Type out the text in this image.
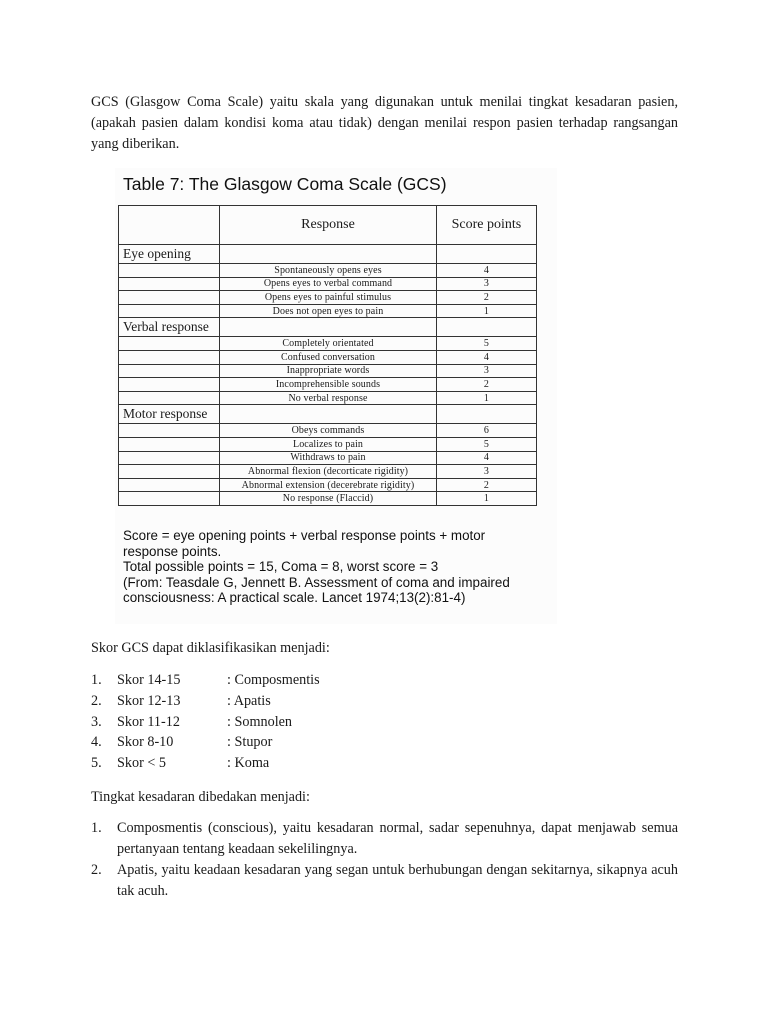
GCS (Glasgow Coma Scale) yaitu skala yang digunakan untuk menilai tingkat kesadaran pasien, (apakah pasien dalam kondisi koma atau tidak) dengan menilai respon pasien terhadap rangsangan yang diberikan.

Table 7: The Glasgow Coma Scale (GCS)
	Response	Score points
Eye opening		
	Spontaneously opens eyes	4
	Opens eyes to verbal command	3
	Opens eyes to painful stimulus	2
	Does not open eyes to pain	1
Verbal response		
	Completely orientated	5
	Confused conversation	4
	Inappropriate words	3
	Incomprehensible sounds	2
	No verbal response	1
Motor response		
	Obeys commands	6
	Localizes to pain	5
	Withdraws to pain	4
	Abnormal flexion (decorticate rigidity)	3
	Abnormal extension (decerebrate rigidity)	2
	No response (Flaccid)	1
Score = eye opening points + verbal response points + motor
response points.
Total possible points = 15, Coma = 8, worst score = 3
(From: Teasdale G, Jennett B. Assessment of coma and impaired
consciousness: A practical scale. Lancet 1974;13(2):81-4)

Skor GCS dapat diklasifikasikan menjadi:

1.	Skor 14-15	: Composmentis
2.	Skor 12-13	: Apatis
3.	Skor 11-12	: Somnolen
4.	Skor 8-10	: Stupor
5.	Skor < 5	: Koma

Tingkat kesadaran dibedakan menjadi:

1.	Composmentis (conscious), yaitu kesadaran normal, sadar sepenuhnya, dapat menjawab semua pertanyaan tentang keadaan sekelilingnya.
2.	Apatis, yaitu keadaan kesadaran yang segan untuk berhubungan dengan sekitarnya, sikapnya acuh tak acuh.
